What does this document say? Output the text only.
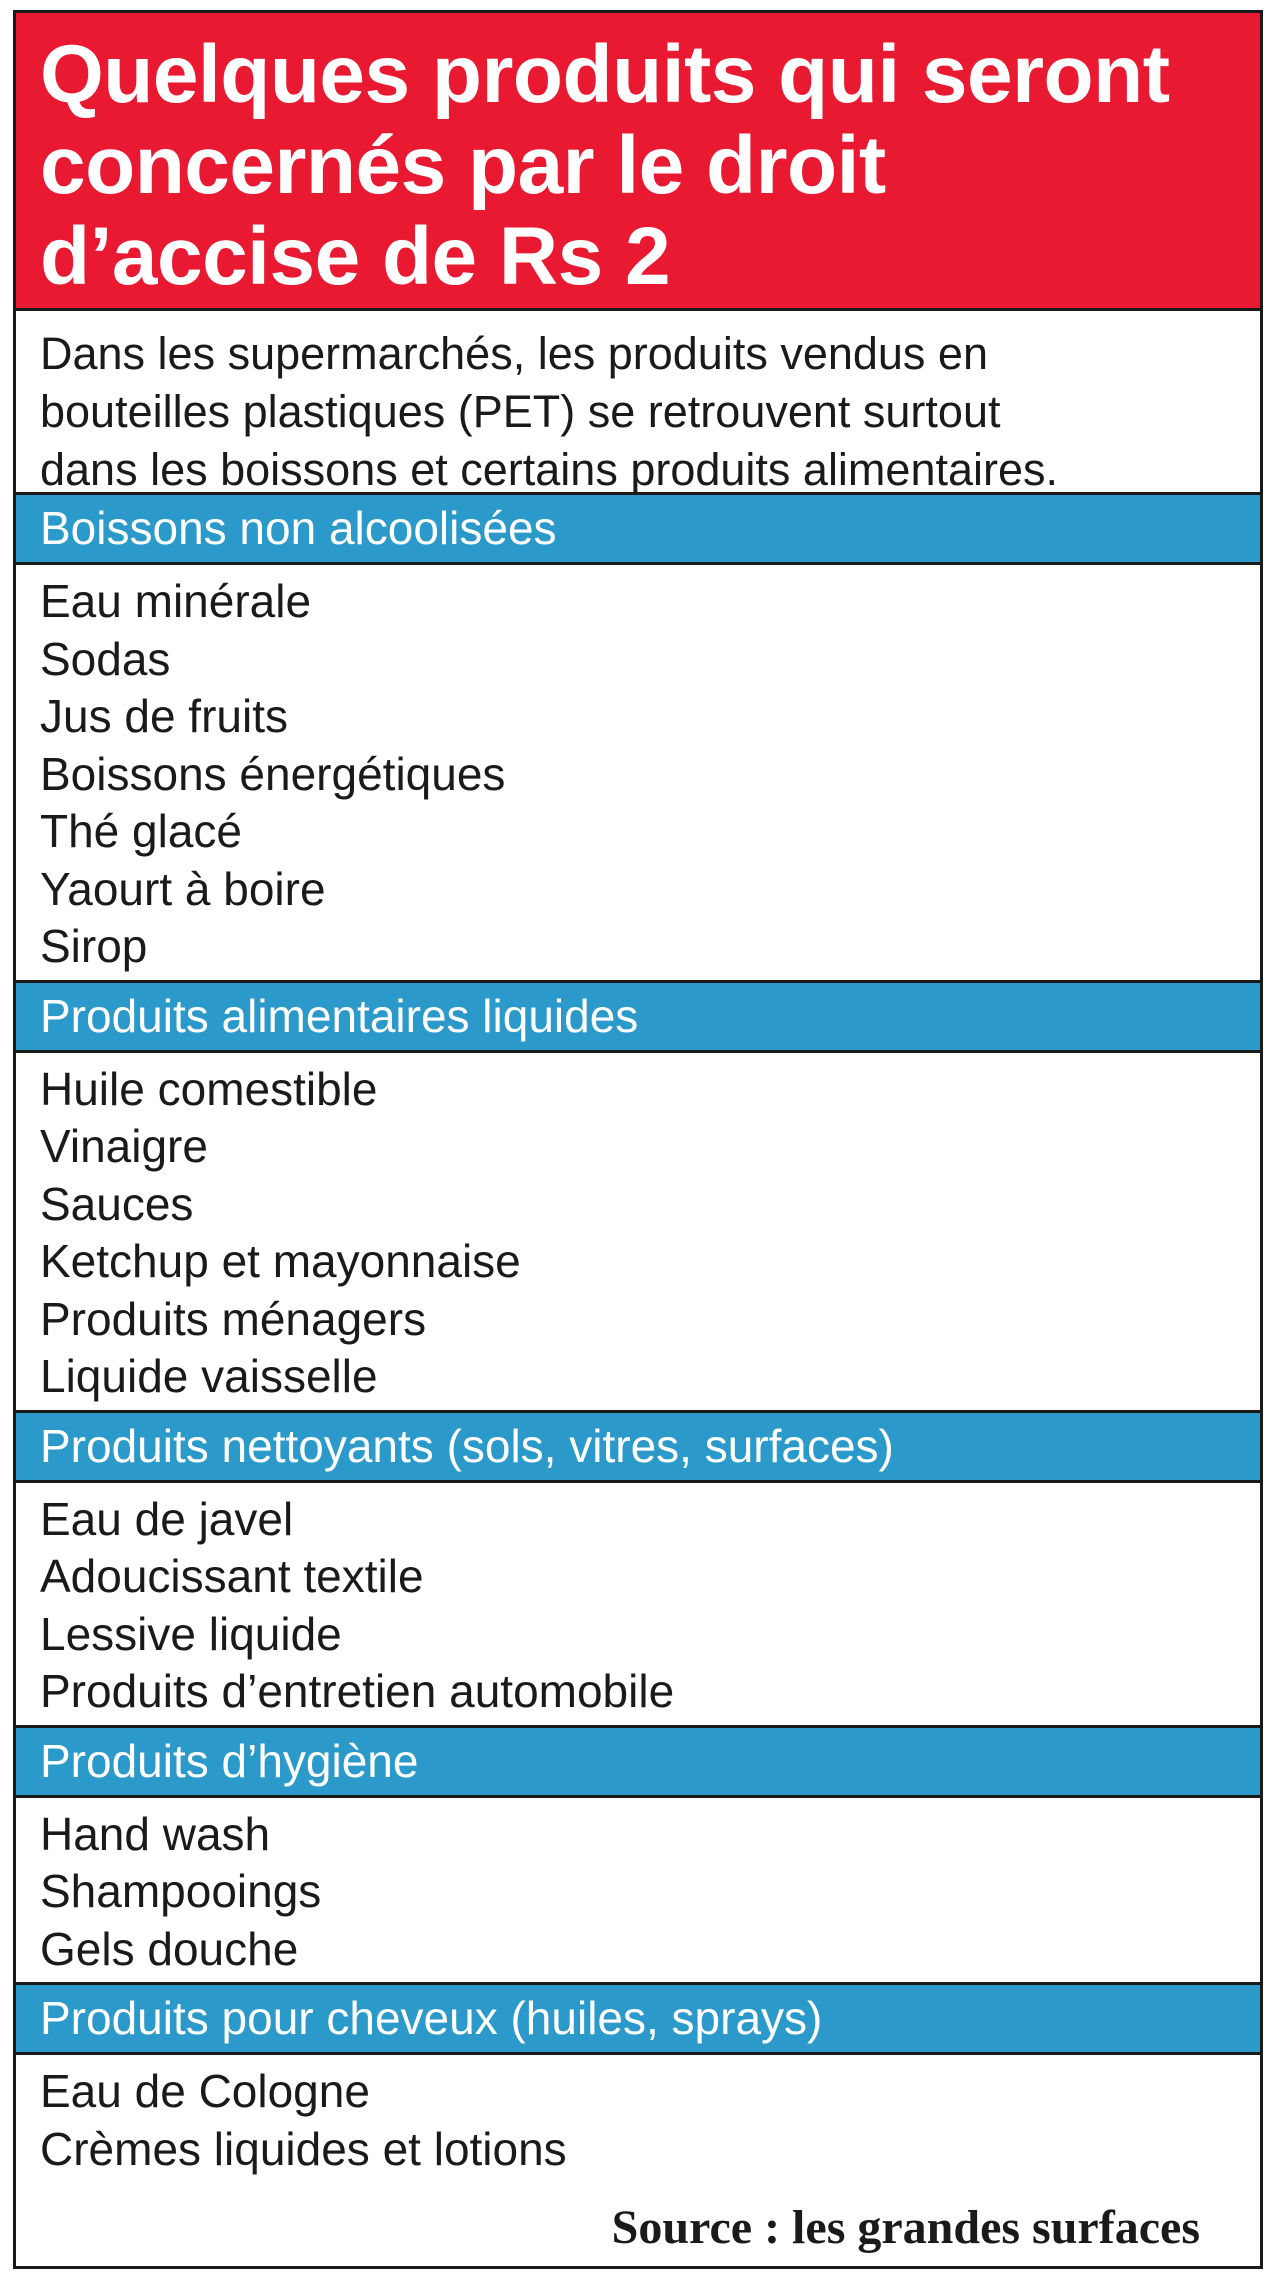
Quelques produits qui seront
concernés par le droit
d’accise de Rs 2
Dans les supermarchés, les produits vendus en
bouteilles plastiques (PET) se retrouvent surtout
dans les boissons et certains produits alimentaires.
Boissons non alcoolisées
Eau minérale
Sodas
Jus de fruits
Boissons énergétiques
Thé glacé
Yaourt à boire
Sirop
Produits alimentaires liquides
Huile comestible
Vinaigre
Sauces
Ketchup et mayonnaise
Produits ménagers
Liquide vaisselle
Produits nettoyants (sols, vitres, surfaces)
Eau de javel
Adoucissant textile
Lessive liquide
Produits d’entretien automobile
Produits d’hygiène
Hand wash
Shampooings
Gels douche
Produits pour cheveux (huiles, sprays)
Eau de Cologne
Crèmes liquides et lotions
Source : les grandes surfaces
